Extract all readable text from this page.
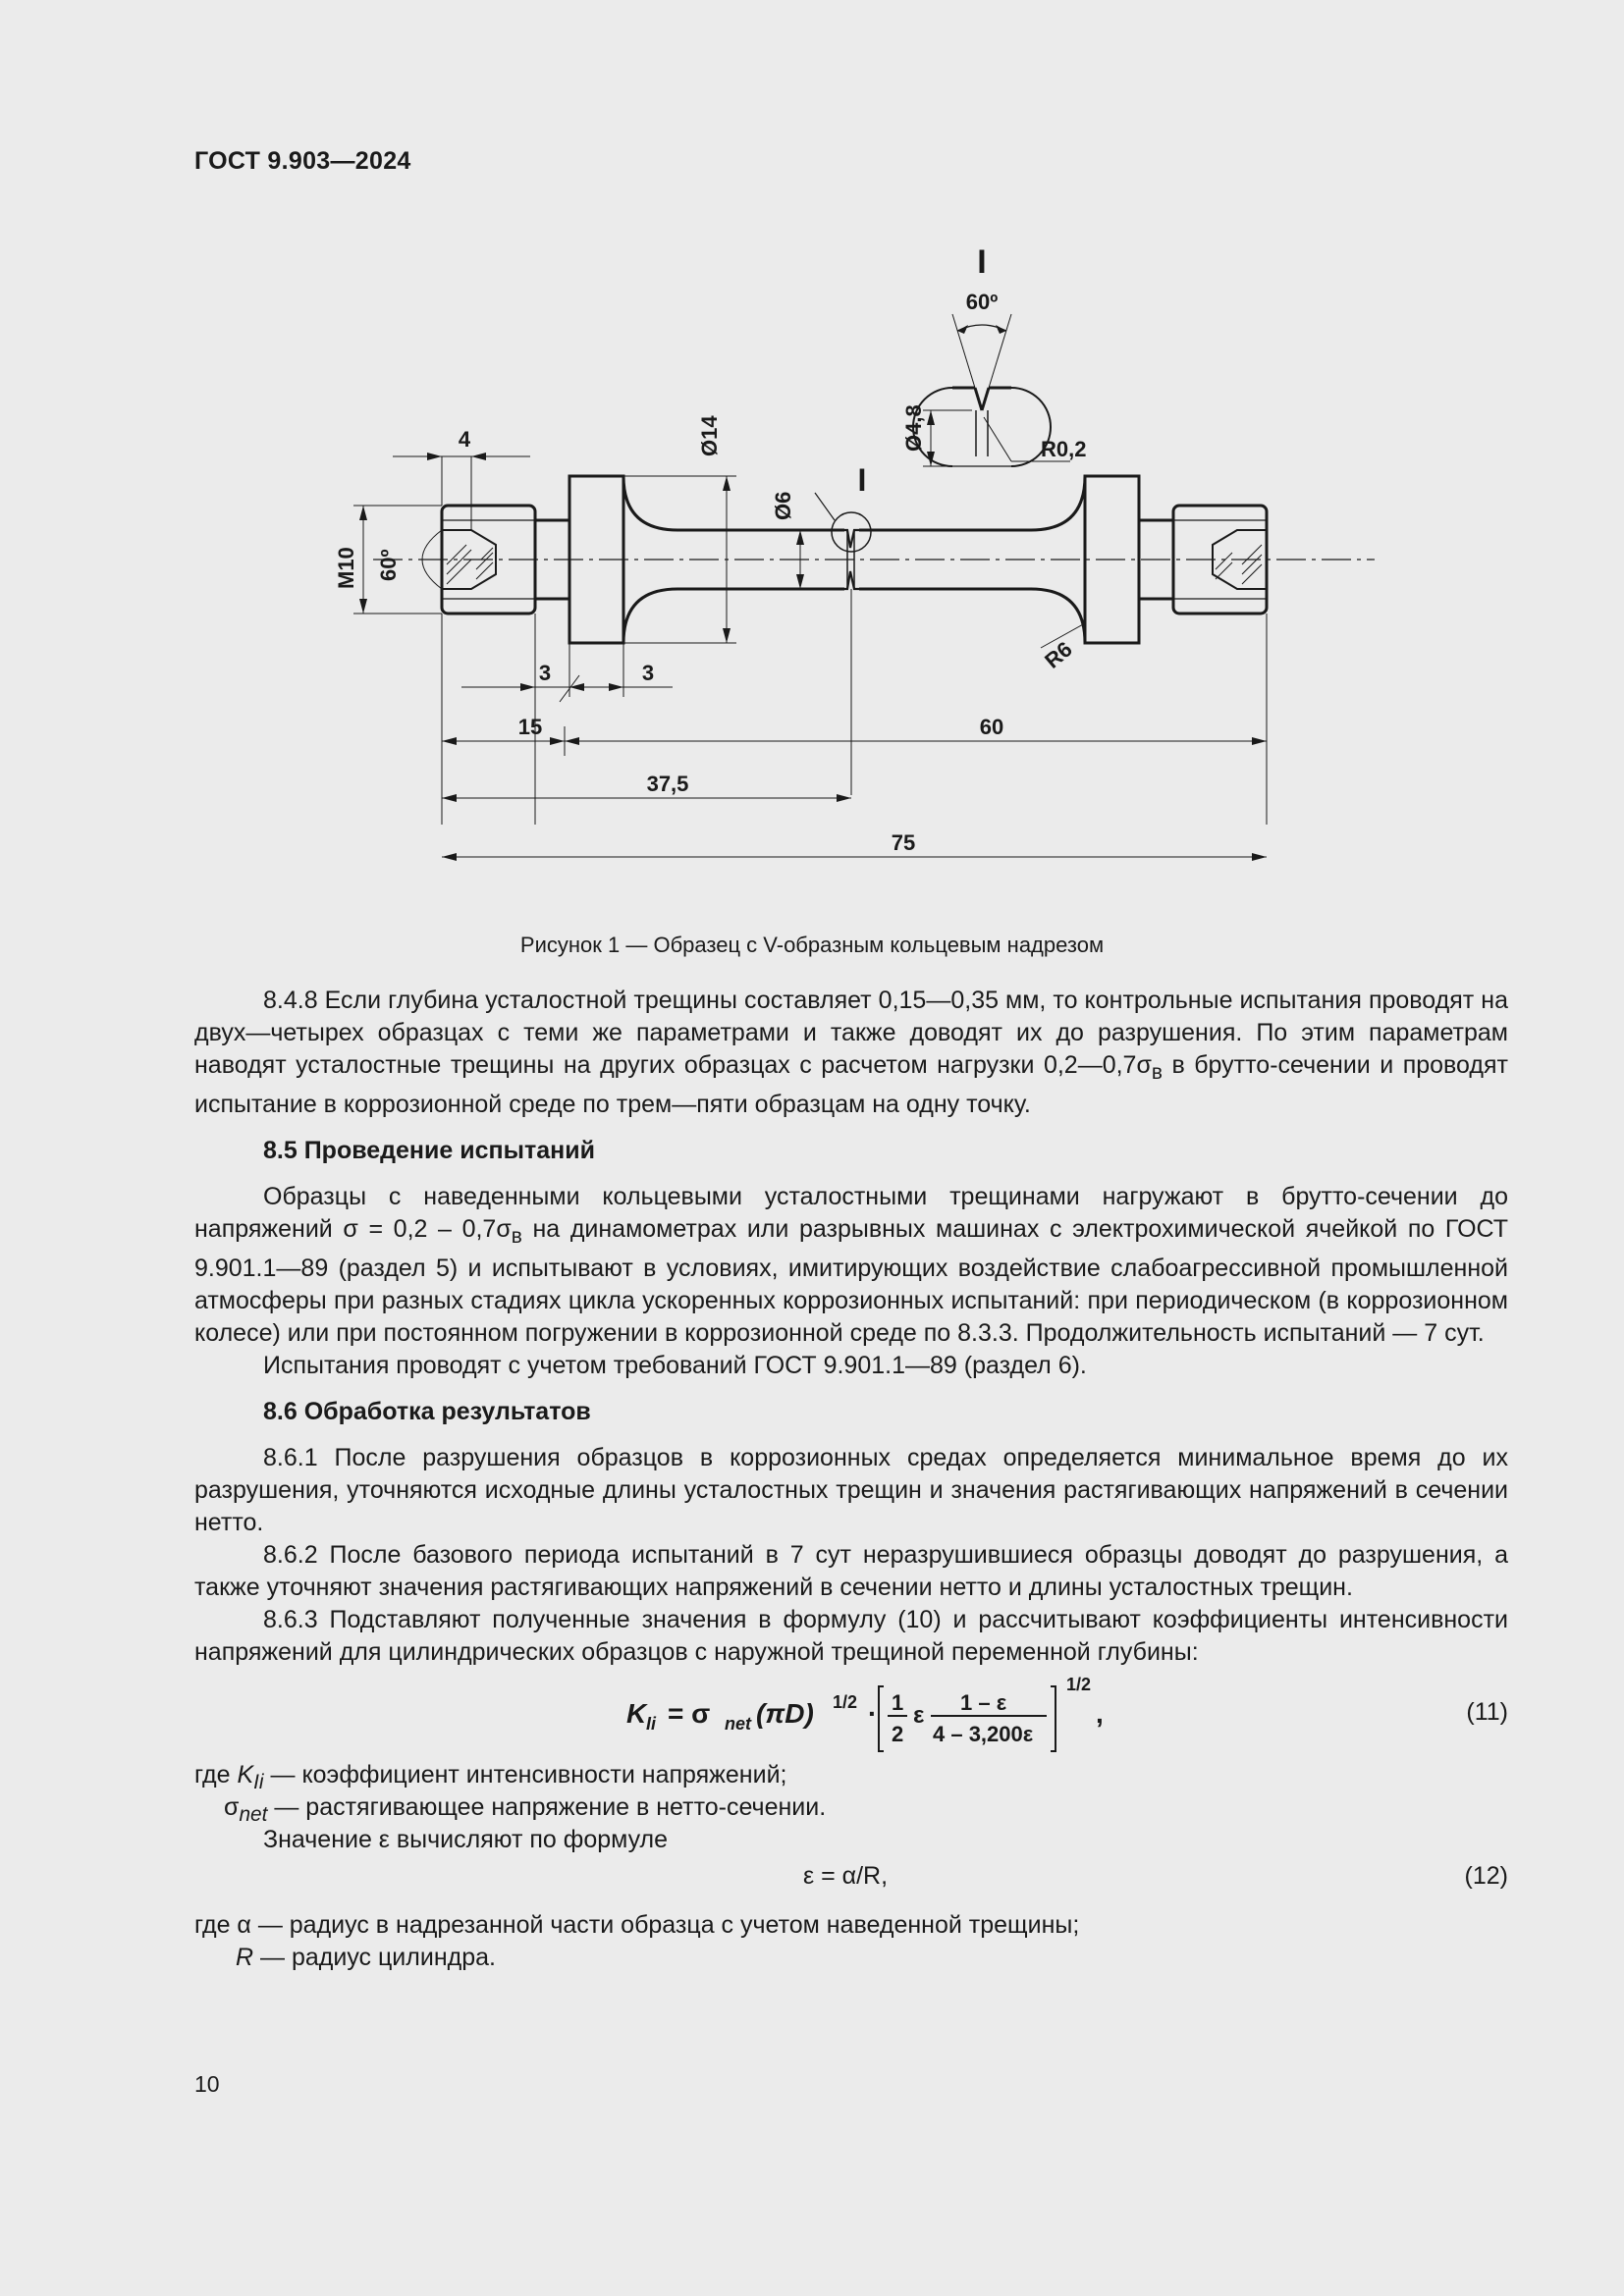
ГОСТ 9.903—2024
I
60º
R0,2
Ø4,8
Ø14
Ø6
I
M10 60º
4
3	3
15	60
37,5
75
R6
Рисунок 1 — Образец с V-образным кольцевым надрезом

8.4.8 Если глубина усталостной трещины составляет 0,15—0,35 мм, то контрольные испытания проводят на двух—четырех образцах с теми же параметрами и также доводят их до разрушения. По этим параметрам наводят усталостные трещины на других образцах с расчетом нагрузки $0,2—0,7\sigma_в$ в брутто-сечении и проводят испытание в коррозионной среде по трем—пяти образцам на одну точку.

8.5 Проведение испытаний

Образцы с наведенными кольцевыми усталостными трещинами нагружают в брутто-сечении до напряжений $\sigma = 0,2 - 0,7\sigma_в$ на динамометрах или разрывных машинах с электрохимической ячейкой по ГОСТ 9.901.1—89 (раздел 5) и испытывают в условиях, имитирующих воздействие слабоагрессивной промышленной атмосферы при разных стадиях цикла ускоренных коррозионных испытаний: при периодическом (в коррозионном колесе) или при постоянном погружении в коррозионной среде по 8.3.3. Продолжительность испытаний — 7 сут.

Испытания проводят с учетом требований ГОСТ 9.901.1—89 (раздел 6).

8.6 Обработка результатов

8.6.1 После разрушения образцов в коррозионных средах определяется минимальное время до их разрушения, уточняются исходные длины усталостных трещин и значения растягивающих напряжений в сечении нетто.

8.6.2 После базового периода испытаний в 7 сут неразрушившиеся образцы доводят до разрушения, а также уточняют значения растягивающих напряжений в сечении нетто и длины усталостных трещин.

8.6.3 Подставляют полученные значения в формулу (10) и рассчитывают коэффициенты интенсивности напряжений для цилиндрических образцов с наружной трещиной переменной глубины:

K Ii = σ net (πD) 1/2 · 1
2
ε 1 – ε
4 – 3,200ε
1/2
,	(11)
где $K_{Ii}$ — коэффициент интенсивности напряжений;
$\sigma_{net}$ — растягивающее напряжение в нетто-сечении.

Значение ε вычисляют по формуле

ε = α/R,	(12)
где α — радиус в надрезанной части образца с учетом наведенной трещины;
R — радиус цилиндра.
10
